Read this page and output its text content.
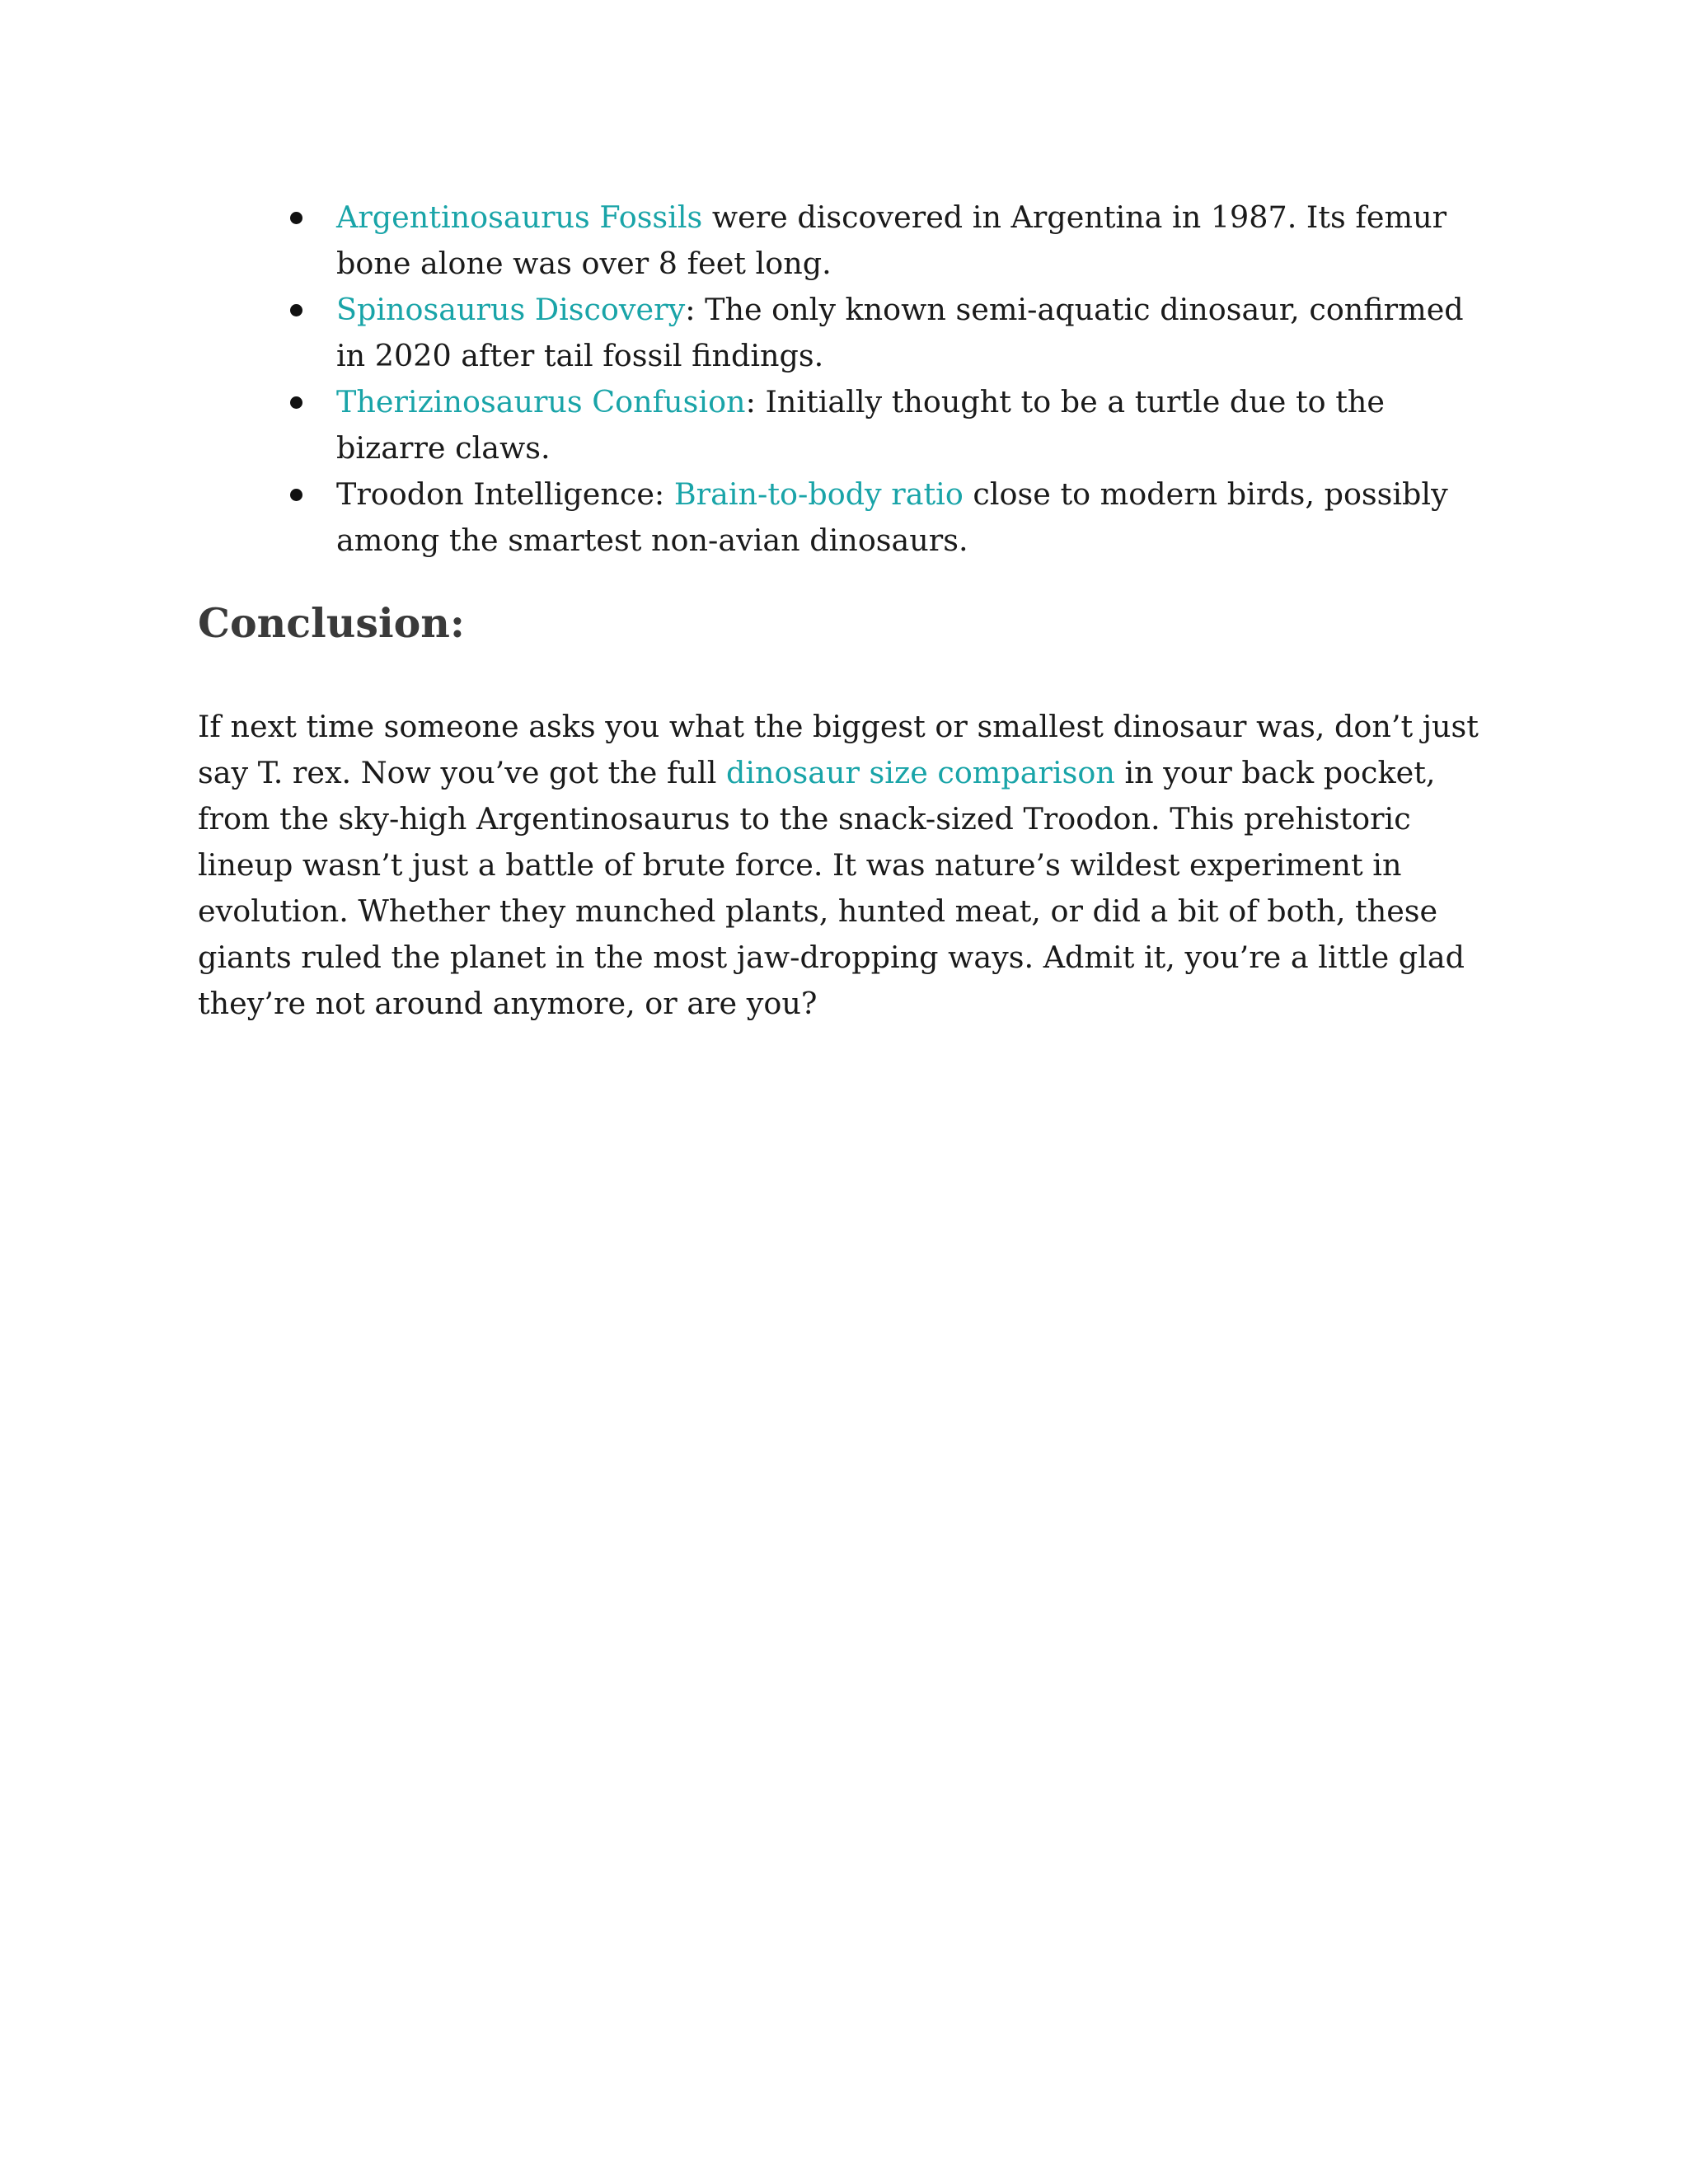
Argentinosaurus Fossils were discovered in Argentina in 1987. Its femur bone alone was over 8 feet long.
Spinosaurus Discovery: The only known semi-aquatic dinosaur, confirmed in 2020 after tail fossil findings.
Therizinosaurus Confusion: Initially thought to be a turtle due to the bizarre claws.
Troodon Intelligence: Brain-to-body ratio close to modern birds, possibly among the smartest non-avian dinosaurs.
Conclusion:

If next time someone asks you what the biggest or smallest dinosaur was, don’t just say T. rex. Now you’ve got the full dinosaur size comparison in your back pocket, from the sky-high Argentinosaurus to the snack-sized Troodon. This prehistoric lineup wasn’t just a battle of brute force. It was nature’s wildest experiment in evolution. Whether they munched plants, hunted meat, or did a bit of both, these giants ruled the planet in the most jaw-dropping ways. Admit it, you’re a little glad they’re not around anymore, or are you?
